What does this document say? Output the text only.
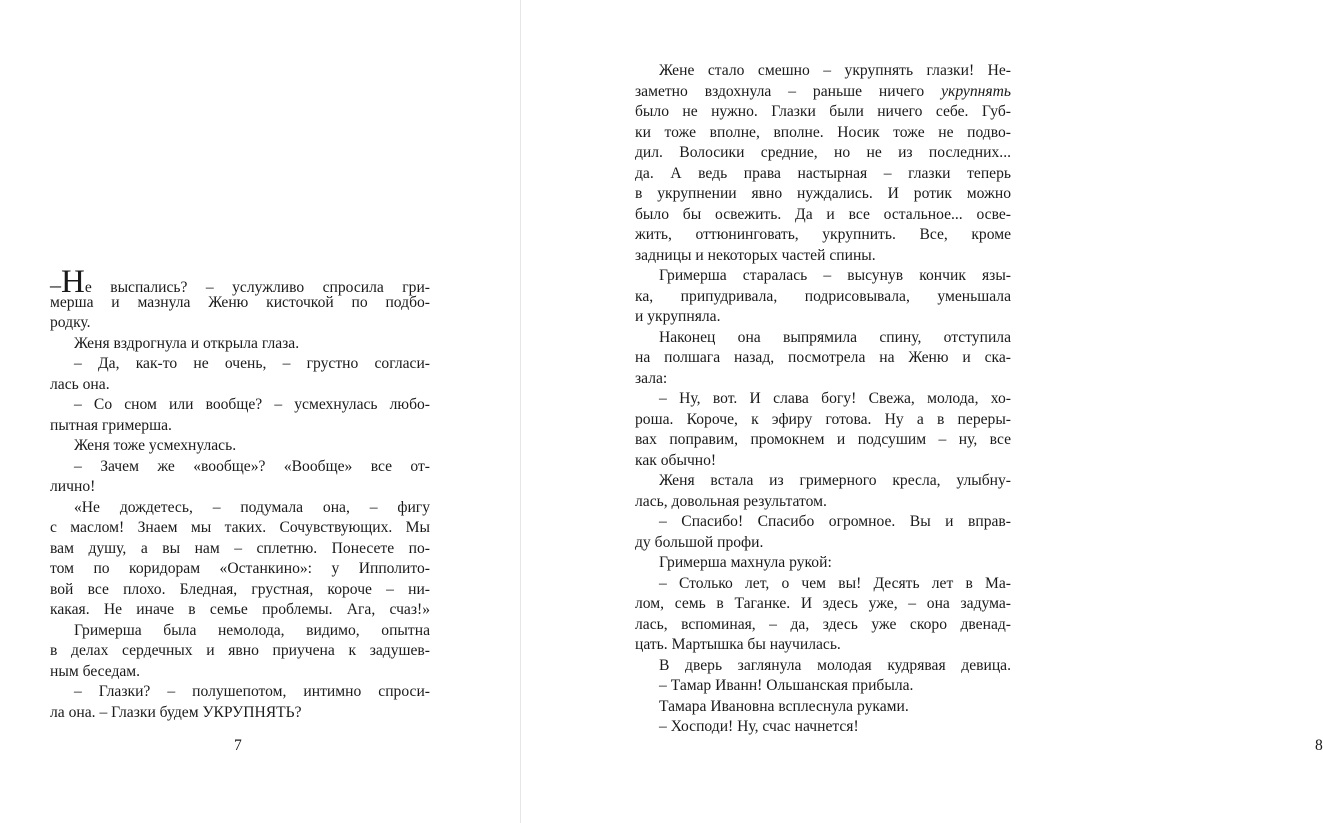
–Не выспались? – услужливо спросила гри-
мерша и мазнула Женю кисточкой по подбо-
родку.
Женя вздрогнула и открыла глаза.
– Да, как-то не очень, – грустно согласи-
лась она.
– Со сном или вообще? – усмехнулась любо-
пытная гримерша.
Женя тоже усмехнулась.
– Зачем же «вообще»? «Вообще» все от-
лично!
«Не дождетесь, – подумала она, – фигу
с маслом! Знаем мы таких. Сочувствующих. Мы
вам душу, а вы нам – сплетню. Понесете по-
том по коридорам «Останкино»: у Ипполито-
вой все плохо. Бледная, грустная, короче – ни-
какая. Не иначе в семье проблемы. Ага, счаз!»
Гримерша была немолода, видимо, опытна
в делах сердечных и явно приучена к задушев-
ным беседам.
– Глазки? – полушепотом, интимно спроси-
ла она. – Глазки будем УКРУПНЯТЬ?
7
Жене стало смешно – укрупнять глазки! Не-
заметно вздохнула – раньше ничего укрупнять
было не нужно. Глазки были ничего себе. Губ-
ки тоже вполне, вполне. Носик тоже не подво-
дил. Волосики средние, но не из последних...
да. А ведь права настырная – глазки теперь
в укрупнении явно нуждались. И ротик можно
было бы освежить. Да и все остальное... осве-
жить, оттюнинговать, укрупнить. Все, кроме
задницы и некоторых частей спины.
Гримерша старалась – высунув кончик язы-
ка, припудривала, подрисовывала, уменьшала
и укрупняла.
Наконец она выпрямила спину, отступила
на полшага назад, посмотрела на Женю и ска-
зала:
– Ну, вот. И слава богу! Свежа, молода, хо-
роша. Короче, к эфиру готова. Ну а в переры-
вах поправим, промокнем и подсушим – ну, все
как обычно!
Женя встала из гримерного кресла, улыбну-
лась, довольная результатом.
– Спасибо! Спасибо огромное. Вы и вправ-
ду большой профи.
Гримерша махнула рукой:
– Столько лет, о чем вы! Десять лет в Ма-
лом, семь в Таганке. И здесь уже, – она задума-
лась, вспоминая, – да, здесь уже скоро двенад-
цать. Мартышка бы научилась.
В дверь заглянула молодая кудрявая девица.
– Тамар Иванн! Ольшанская прибыла.
Тамара Ивановна всплеснула руками.
– Хосподи! Ну, счас начнется!
8
